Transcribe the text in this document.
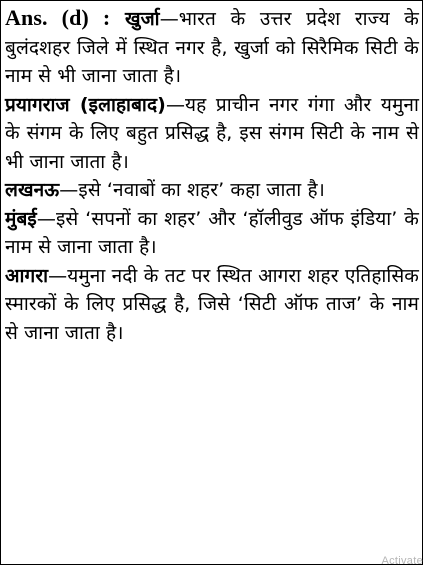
Ans. (d) : खुर्जा—भारत के उत्तर प्रदेश राज्य के बुलंदशहर जिले में स्थित नगर है, खुर्जा को सिरैमिक सिटी के नाम से भी जाना जाता है।

प्रयागराज (इलाहाबाद)—यह प्राचीन नगर गंगा और यमुना के संगम के लिए बहुत प्रसिद्ध है, इस संगम सिटी के नाम से भी जाना जाता है।

लखनऊ—इसे ‘नवाबों का शहर’ कहा जाता है।

मुंबई—इसे ‘सपनों का शहर’ और ‘हॉलीवुड ऑफ इंडिया’ के नाम से जाना जाता है।

आगरा—यमुना नदी के तट पर स्थित आगरा शहर एतिहासिक स्मारकों के लिए प्रसिद्ध है, जिसे ‘सिटी ऑफ ताज’ के नाम से जाना जाता है।

Activate
